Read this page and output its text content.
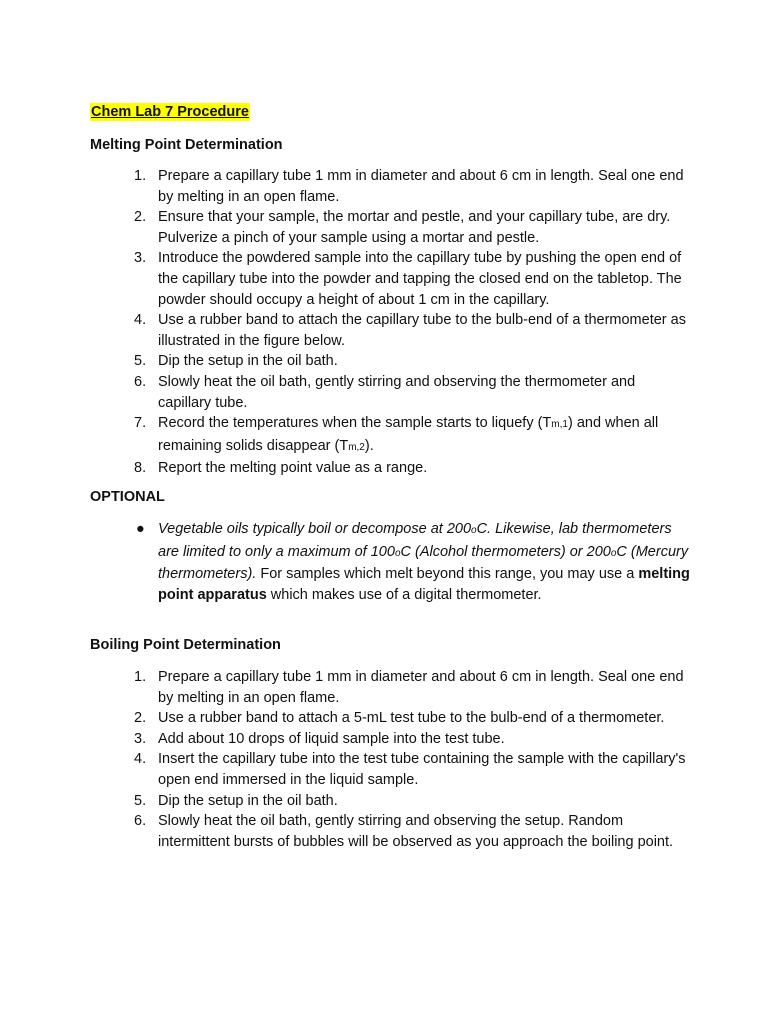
Chem Lab 7 Procedure
Melting Point Determination
1. Prepare a capillary tube 1 mm in diameter and about 6 cm in length. Seal one end by melting in an open flame.
2. Ensure that your sample, the mortar and pestle, and your capillary tube, are dry. Pulverize a pinch of your sample using a mortar and pestle.
3. Introduce the powdered sample into the capillary tube by pushing the open end of the capillary tube into the powder and tapping the closed end on the tabletop. The powder should occupy a height of about 1 cm in the capillary.
4. Use a rubber band to attach the capillary tube to the bulb-end of a thermometer as illustrated in the figure below.
5. Dip the setup in the oil bath.
6. Slowly heat the oil bath, gently stirring and observing the thermometer and capillary tube.
7. Record the temperatures when the sample starts to liquefy (Tm,1) and when all remaining solids disappear (Tm,2).
8. Report the melting point value as a range.
OPTIONAL
● Vegetable oils typically boil or decompose at 200oC. Likewise, lab thermometers are limited to only a maximum of 100oC (Alcohol thermometers) or 200oC (Mercury thermometers). For samples which melt beyond this range, you may use a melting point apparatus which makes use of a digital thermometer.
Boiling Point Determination
1. Prepare a capillary tube 1 mm in diameter and about 6 cm in length. Seal one end by melting in an open flame.
2. Use a rubber band to attach a 5-mL test tube to the bulb-end of a thermometer.
3. Add about 10 drops of liquid sample into the test tube.
4. Insert the capillary tube into the test tube containing the sample with the capillary's open end immersed in the liquid sample.
5. Dip the setup in the oil bath.
6. Slowly heat the oil bath, gently stirring and observing the setup. Random intermittent bursts of bubbles will be observed as you approach the boiling point.
